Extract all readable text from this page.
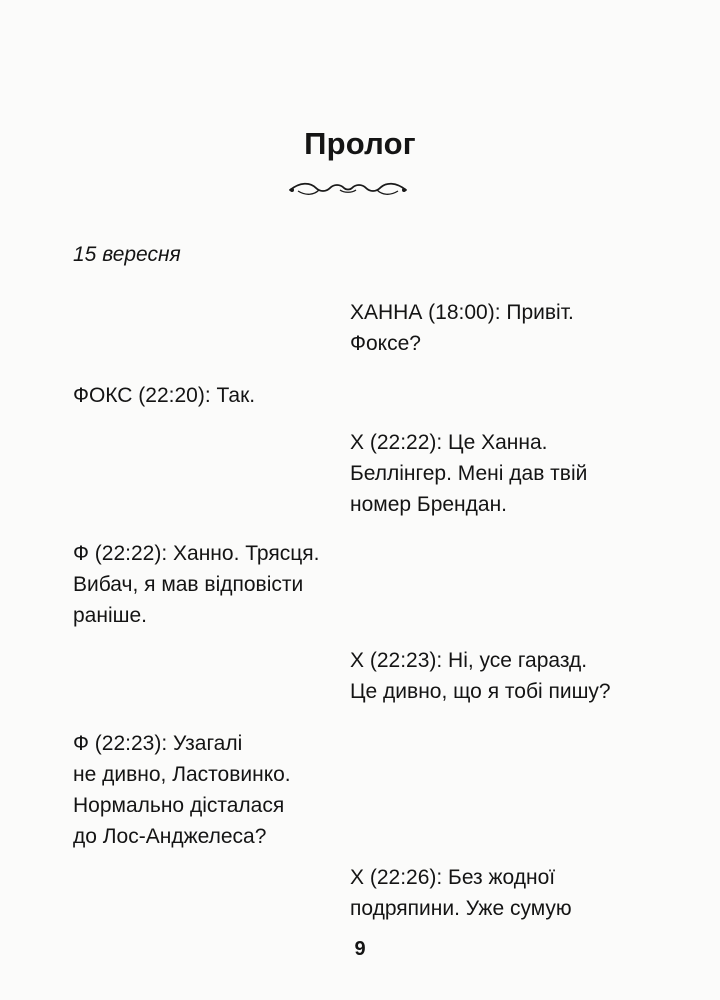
Пролог
15 вересня
ХАННА (18:00): Привіт.
Фоксе?
ФОКС (22:20): Так.
Х (22:22): Це Ханна.
Беллінгер. Мені дав твій
номер Брендан.
Ф (22:22): Ханно. Трясця.
Вибач, я мав відповісти
раніше.
Х (22:23): Ні, усе гаразд.
Це дивно, що я тобі пишу?
Ф (22:23): Узагалі
не дивно, Ластовинко.
Нормально дісталася
до Лос-Анджелеса?
Х (22:26): Без жодної
подряпини. Уже сумую
9
